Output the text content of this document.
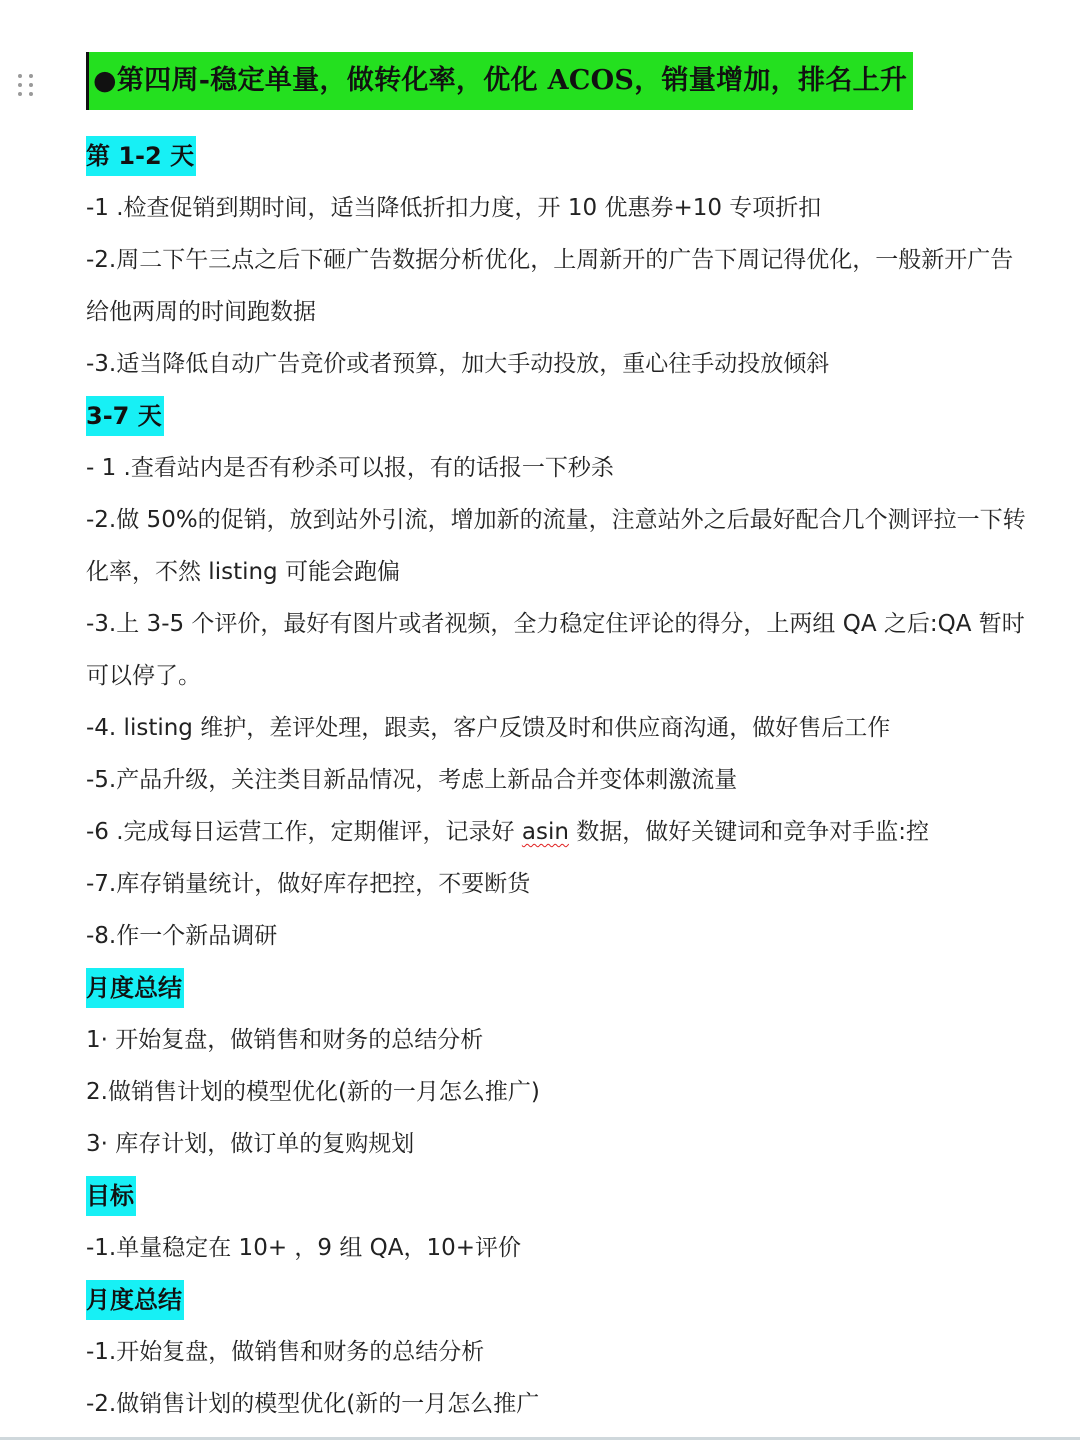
●第四周-稳定单量，做转化率，优化 ACOS，销量增加，排名上升
第 1-2 天
-1 .检查促销到期时间，适当降低折扣力度，开 10 优惠券+10 专项折扣
-2.周二下午三点之后下砸广告数据分析优化，上周新开的广告下周记得优化，一般新开广告给他两周的时间跑数据
-3.适当降低自动广告竞价或者预算，加大手动投放，重心往手动投放倾斜
3-7 天
- 1 .查看站内是否有秒杀可以报，有的话报一下秒杀
-2.做 50%的促销，放到站外引流，增加新的流量，注意站外之后最好配合几个测评拉一下转化率，不然 listing 可能会跑偏
-3.上 3-5 个评价，最好有图片或者视频，全力稳定住评论的得分，上两组 QA 之后:QA 暂时可以停了。
-4. listing 维护，差评处理，跟卖，客户反馈及时和供应商沟通，做好售后工作
-5.产品升级，关注类目新品情况，考虑上新品合并变体刺激流量
-6 .完成每日运营工作，定期催评，记录好 asin 数据，做好关键词和竞争对手监:控
-7.库存销量统计，做好库存把控，不要断货
-8.作一个新品调研
月度总结
1· 开始复盘，做销售和财务的总结分析
2.做销售计划的模型优化(新的一月怎么推广)
3· 库存计划，做订单的复购规划
目标
-1.单量稳定在 10+ ，9 组 QA，10+评价
月度总结
-1.开始复盘，做销售和财务的总结分析
-2.做销售计划的模型优化(新的一月怎么推广
